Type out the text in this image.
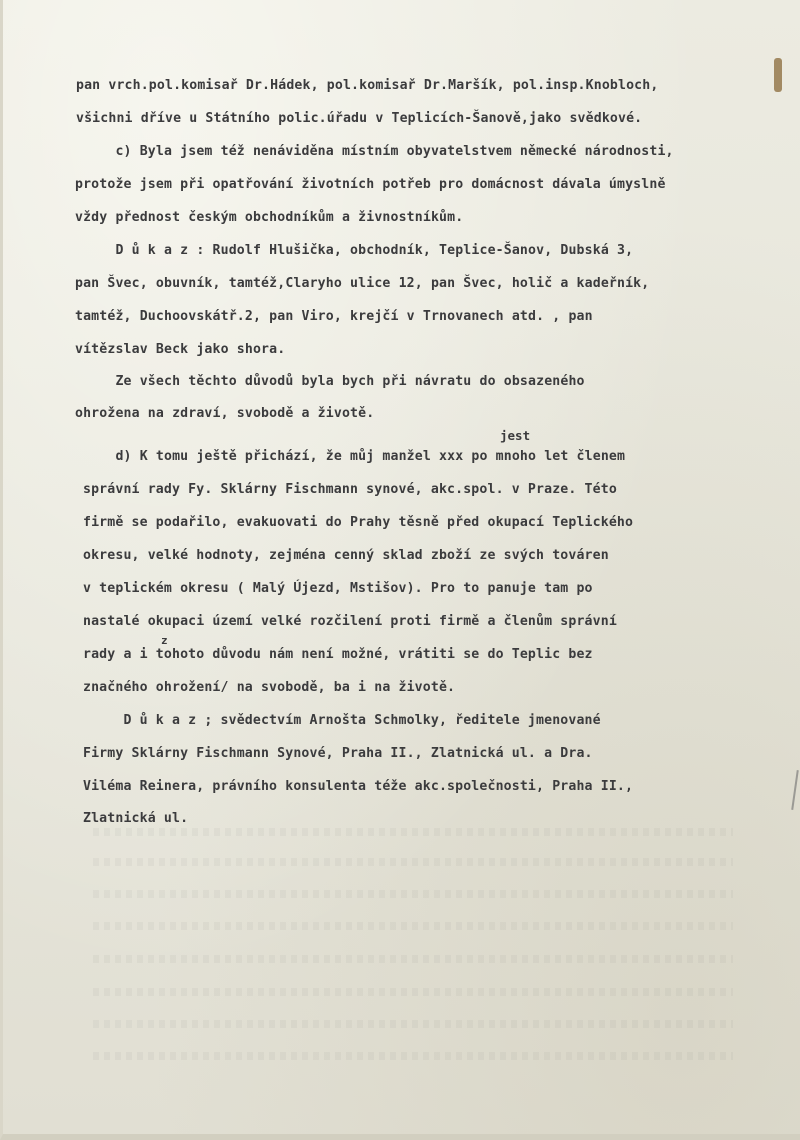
pan vrch.pol.komisař Dr.Hádek, pol.komisař Dr.Maršík, pol.insp.Knobloch,
všichni dříve u Státního polic.úřadu v Teplicích-Šanově,jako svědkové.
c) Byla jsem též nenáviděna místním obyvatelstvem německé národnosti,
protože jsem při opatřování životních potřeb pro domácnost dávala úmyslně
vždy přednost českým obchodníkům a živnostníkům.
D ů k a z : Rudolf Hlušička, obchodník, Teplice-Šanov, Dubská 3,
pan Švec, obuvník, tamtéž,Claryho ulice 12, pan Švec, holič a kadeřník,
tamtéž, Duchoovskátř.2, pan Viro, krejčí v Trnovanech atd. , pan
vítězslav Beck jako shora.
Ze všech těchto důvodů byla bych při návratu do obsazeného
ohrožena na zdraví, svobodě a životě.
jest
d) K tomu ještě přichází, že můj manžel xxx po mnoho let členem
správní rady Fy. Sklárny Fischmann synové, akc.spol. v Praze. Této
firmě se podařilo, evakuovati do Prahy těsně před okupací Teplického
okresu, velké hodnoty, zejména cenný sklad zboží ze svých továren
v teplickém okresu ( Malý Újezd, Mstišov). Pro to panuje tam po
nastalé okupaci území velké rozčilení proti firmě a členům správní
z
rady a i tohoto důvodu nám není možné, vrátiti se do Teplic bez
značného ohrožení/ na svobodě, ba i na životě.
D ů k a z ; svědectvím Arnošta Schmolky, ředitele jmenované
Firmy Sklárny Fischmann Synové, Praha II., Zlatnická ul. a Dra.
Viléma Reinera, právního konsulenta téže akc.společnosti, Praha II.,
Zlatnická ul.
